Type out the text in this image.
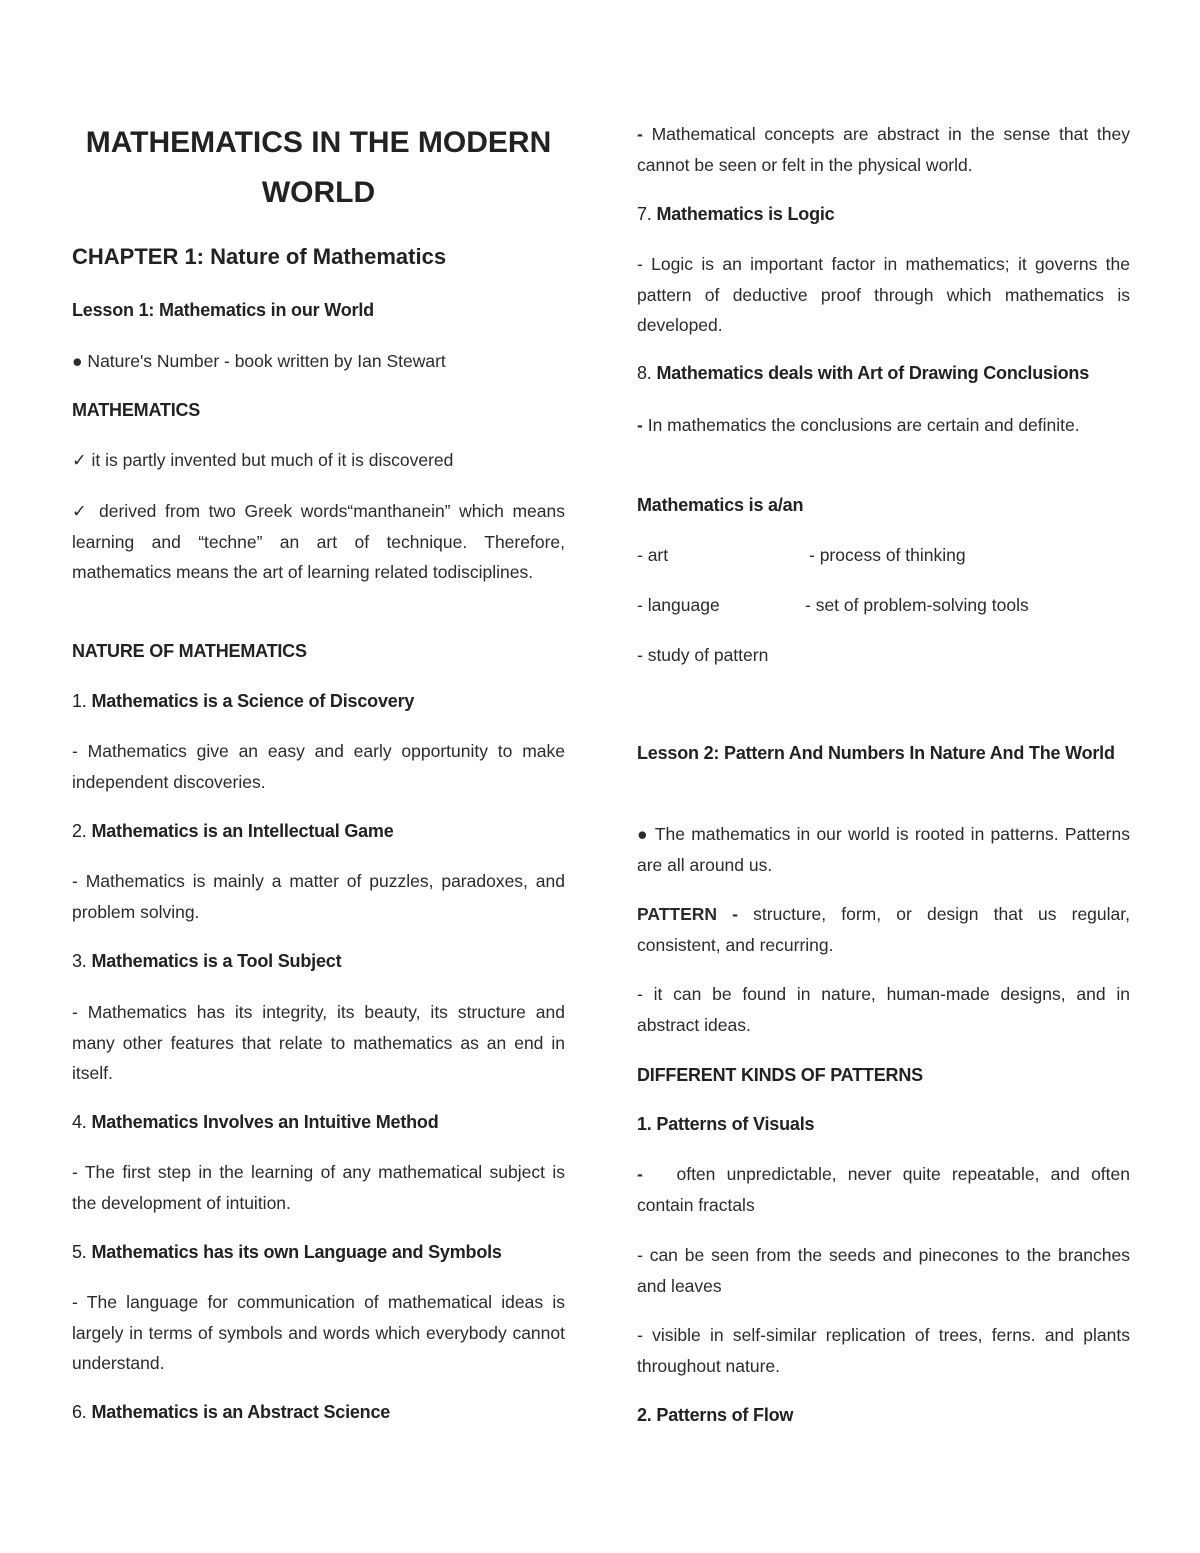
MATHEMATICS IN THE MODERN WORLD
CHAPTER 1: Nature of Mathematics
Lesson 1: Mathematics in our World
● Nature's Number - book written by Ian Stewart
MATHEMATICS
✓ it is partly invented but much of it is discovered
✓ derived from two Greek words“manthanein” which means learning and “techne” an art of technique. Therefore, mathematics means the art of learning related todisciplines.
NATURE OF MATHEMATICS
1. Mathematics is a Science of Discovery
- Mathematics give an easy and early opportunity to make independent discoveries.
2. Mathematics is an Intellectual Game
- Mathematics is mainly a matter of puzzles, paradoxes, and problem solving.
3. Mathematics is a Tool Subject
- Mathematics has its integrity, its beauty, its structure and many other features that relate to mathematics as an end in itself.
4. Mathematics Involves an Intuitive Method
- The first step in the learning of any mathematical subject is the development of intuition.
5. Mathematics has its own Language and Symbols
- The language for communication of mathematical ideas is largely in terms of symbols and words which everybody cannot understand.
6. Mathematics is an Abstract Science
- Mathematical concepts are abstract in the sense that they cannot be seen or felt in the physical world.
7. Mathematics is Logic
- Logic is an important factor in mathematics; it governs the pattern of deductive proof through which mathematics is developed.
8. Mathematics deals with Art of Drawing Conclusions
- In mathematics the conclusions are certain and definite.
Mathematics is a/an
- art	- process of thinking
- language	- set of problem-solving tools
- study of pattern
Lesson 2: Pattern And Numbers In Nature And The World
● The mathematics in our world is rooted in patterns. Patterns are all around us.
PATTERN - structure, form, or design that us regular, consistent, and recurring.
- it can be found in nature, human-made designs, and in abstract ideas.
DIFFERENT KINDS OF PATTERNS
1. Patterns of Visuals
- often unpredictable, never quite repeatable, and often contain fractals
- can be seen from the seeds and pinecones to the branches and leaves
- visible in self-similar replication of trees, ferns. and plants throughout nature.
2. Patterns of Flow
